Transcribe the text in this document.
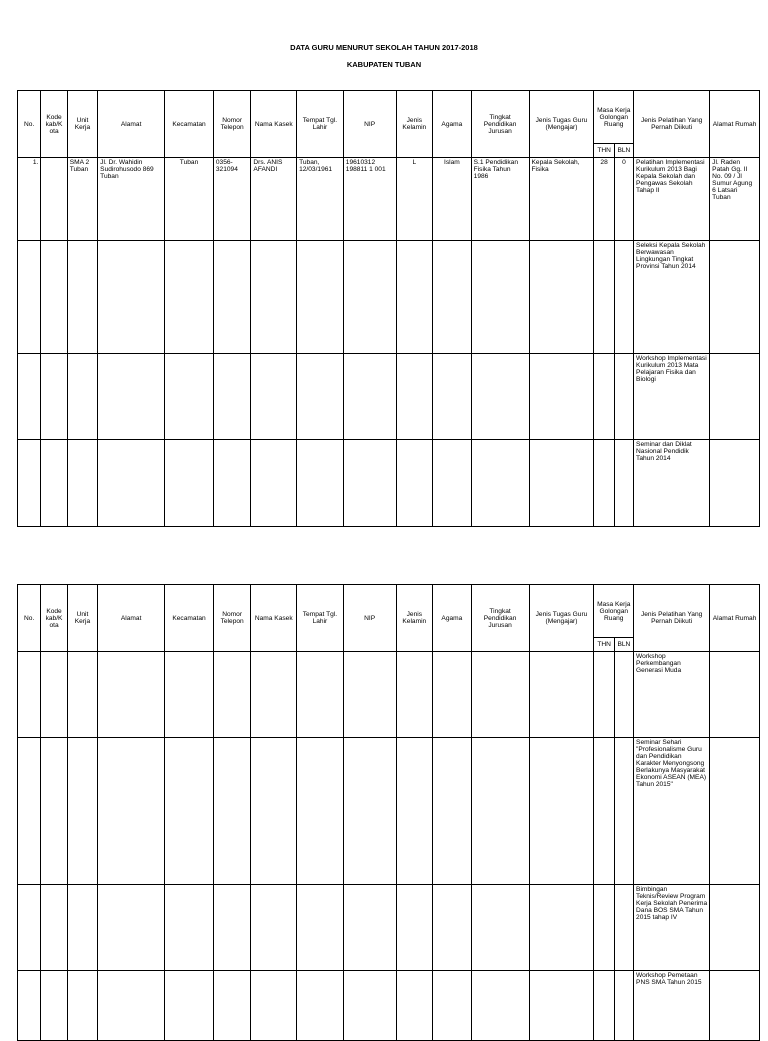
DATA GURU MENURUT SEKOLAH TAHUN 2017-2018
KABUPATEN TUBAN
No.	Kode kab/K ota	Unit Kerja	Alamat	Kecamatan	Nomor Telepon	Nama Kasek	Tempat Tgl. Lahir	NIP	Jenis Kelamin	Agama	Tingkat Pendidikan Jurusan	Jenis Tugas Guru (Mengajar)	Masa Kerja Golongan Ruang		Jenis Pelatihan Yang Pernah Diikuti	Alamat Rumah
													THN	BLN		
1.		SMA 2 Tuban	Jl. Dr. Wahidin Sudirohusodo 869 Tuban	Tuban	0356-321094	Drs. ANIS AFANDI	Tuban, 12/03/1961	19610312 198811 1 001	L	Islam	S.1 Pendidikan Fisika Tahun 1986	Kepala Sekolah, Fisika	28	0	Pelatihan Implementasi Kurikulum 2013 Bagi Kepala Sekolah dan Pengawas Sekolah Tahap II	Jl. Raden Patah Gg. II No. 09 / Jl Sumur Agung 6 Latsari Tuban
															Seleksi Kepala Sekolah Berwawasan Lingkungan Tingkat Provinsi Tahun 2014	
															Workshop Implementasi Kurikulum 2013 Mata Pelajaran Fisika dan Biologi	
															Seminar dan Diklat Nasional Pendidik Tahun 2014	
No.	Kode kab/K ota	Unit Kerja	Alamat	Kecamatan	Nomor Telepon	Nama Kasek	Tempat Tgl. Lahir	NIP	Jenis Kelamin	Agama	Tingkat Pendidikan Jurusan	Jenis Tugas Guru (Mengajar)	Masa Kerja Golongan Ruang		Jenis Pelatihan Yang Pernah Diikuti	Alamat Rumah
													THN	BLN		
															Workshop Perkembangan Generasi Muda	
															Seminar Sehari "Profesionalisme Guru dan Pendidikan Karakter Menyongsong Berlakunya Masyarakat Ekonomi ASEAN (MEA) Tahun 2015"	
															Bimbingan Teknis/Review Program Kerja Sekolah Penerima Dana BOS SMA Tahun 2015 tahap IV	
															Workshop Pemetaan PNS SMA Tahun 2015	
